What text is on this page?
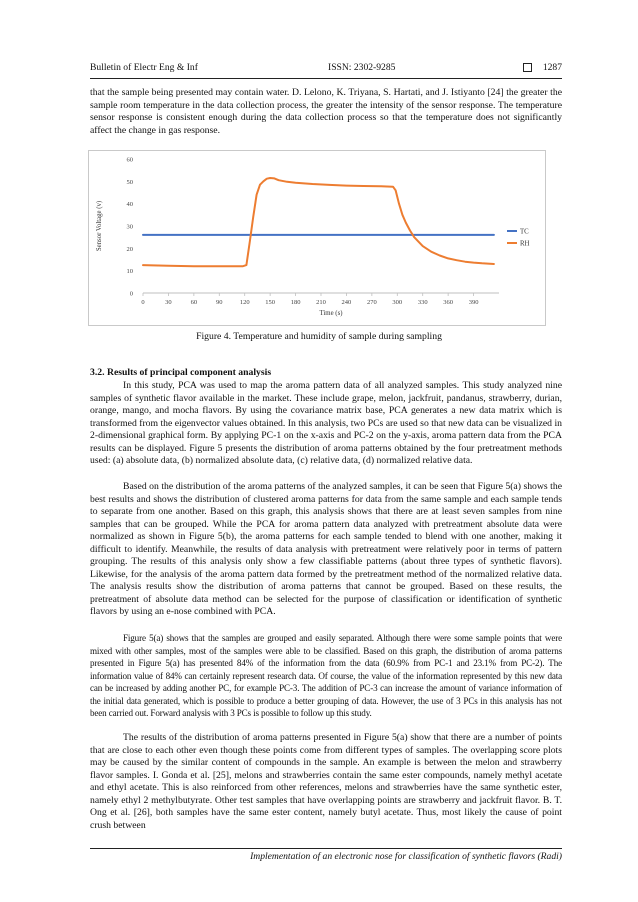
Bulletin of Electr Eng & Inf	ISSN: 2302-9285	1287

that the sample being presented may contain water. D. Lelono, K. Triyana, S. Hartati, and J. Istiyanto [24] the greater the sample room temperature in the data collection process, the greater the intensity of the sensor response. The temperature sensor response is consistent enough during the data collection process so that the temperature does not significantly affect the change in gas response.

0
10
20
30
40
50
60
0	30	60	90	120 150 180 210 240 270 300 330 360 390
Time (s)
Sensor Voltage (v)	TC
RH
Figure 4. Temperature and humidity of sample during sampling
3.2. Results of principal component analysis

In this study, PCA was used to map the aroma pattern data of all analyzed samples. This study analyzed nine samples of synthetic flavor available in the market. These include grape, melon, jackfruit, pandanus, strawberry, durian, orange, mango, and mocha flavors. By using the covariance matrix base, PCA generates a new data matrix which is transformed from the eigenvector values obtained. In this analysis, two PCs are used so that new data can be visualized in 2-dimensional graphical form. By applying PC-1 on the x-axis and PC-2 on the y-axis, aroma pattern data from the PCA results can be displayed. Figure 5 presents the distribution of aroma patterns obtained by the four pretreatment methods used: (a) absolute data, (b) normalized absolute data, (c) relative data, (d) normalized relative data.

Based on the distribution of the aroma patterns of the analyzed samples, it can be seen that Figure 5(a) shows the best results and shows the distribution of clustered aroma patterns for data from the same sample and each sample tends to separate from one another. Based on this graph, this analysis shows that there are at least seven samples from nine samples that can be grouped. While the PCA for aroma pattern data analyzed with pretreatment absolute data were normalized as shown in Figure 5(b), the aroma patterns for each sample tended to blend with one another, making it difficult to identify. Meanwhile, the results of data analysis with pretreatment were relatively poor in terms of pattern grouping. The results of this analysis only show a few classifiable patterns (about three types of synthetic flavors). Likewise, for the analysis of the aroma pattern data formed by the pretreatment method of the normalized relative data. The analysis results show the distribution of aroma patterns that cannot be grouped. Based on these results, the pretreatment of absolute data method can be selected for the purpose of classification or identification of synthetic flavors by using an e-nose combined with PCA.

Figure 5(a) shows that the samples are grouped and easily separated. Although there were some sample points that were mixed with other samples, most of the samples were able to be classified. Based on this graph, the distribution of aroma patterns presented in Figure 5(a) has presented 84% of the information from the data (60.9% from PC-1 and 23.1% from PC-2). The information value of 84% can certainly represent research data. Of course, the value of the information represented by this new data can be increased by adding another PC, for example PC-3. The addition of PC-3 can increase the amount of variance information of the initial data generated, which is possible to produce a better grouping of data. However, the use of 3 PCs in this analysis has not been carried out. Forward analysis with 3 PCs is possible to follow up this study.

The results of the distribution of aroma patterns presented in Figure 5(a) show that there are a number of points that are close to each other even though these points come from different types of samples. The overlapping score plots may be caused by the similar content of compounds in the sample. An example is between the melon and strawberry flavor samples. I. Gonda et al. [25], melons and strawberries contain the same ester compounds, namely methyl acetate and ethyl acetate. This is also reinforced from other references, melons and strawberries have the same synthetic ester, namely ethyl 2 methylbutyrate. Other test samples that have overlapping points are strawberry and jackfruit flavor. B. T. Ong et al. [26], both samples have the same ester content, namely butyl acetate. Thus, most likely the cause of point crush between

Implementation of an electronic nose for classification of synthetic flavors (Radi)
